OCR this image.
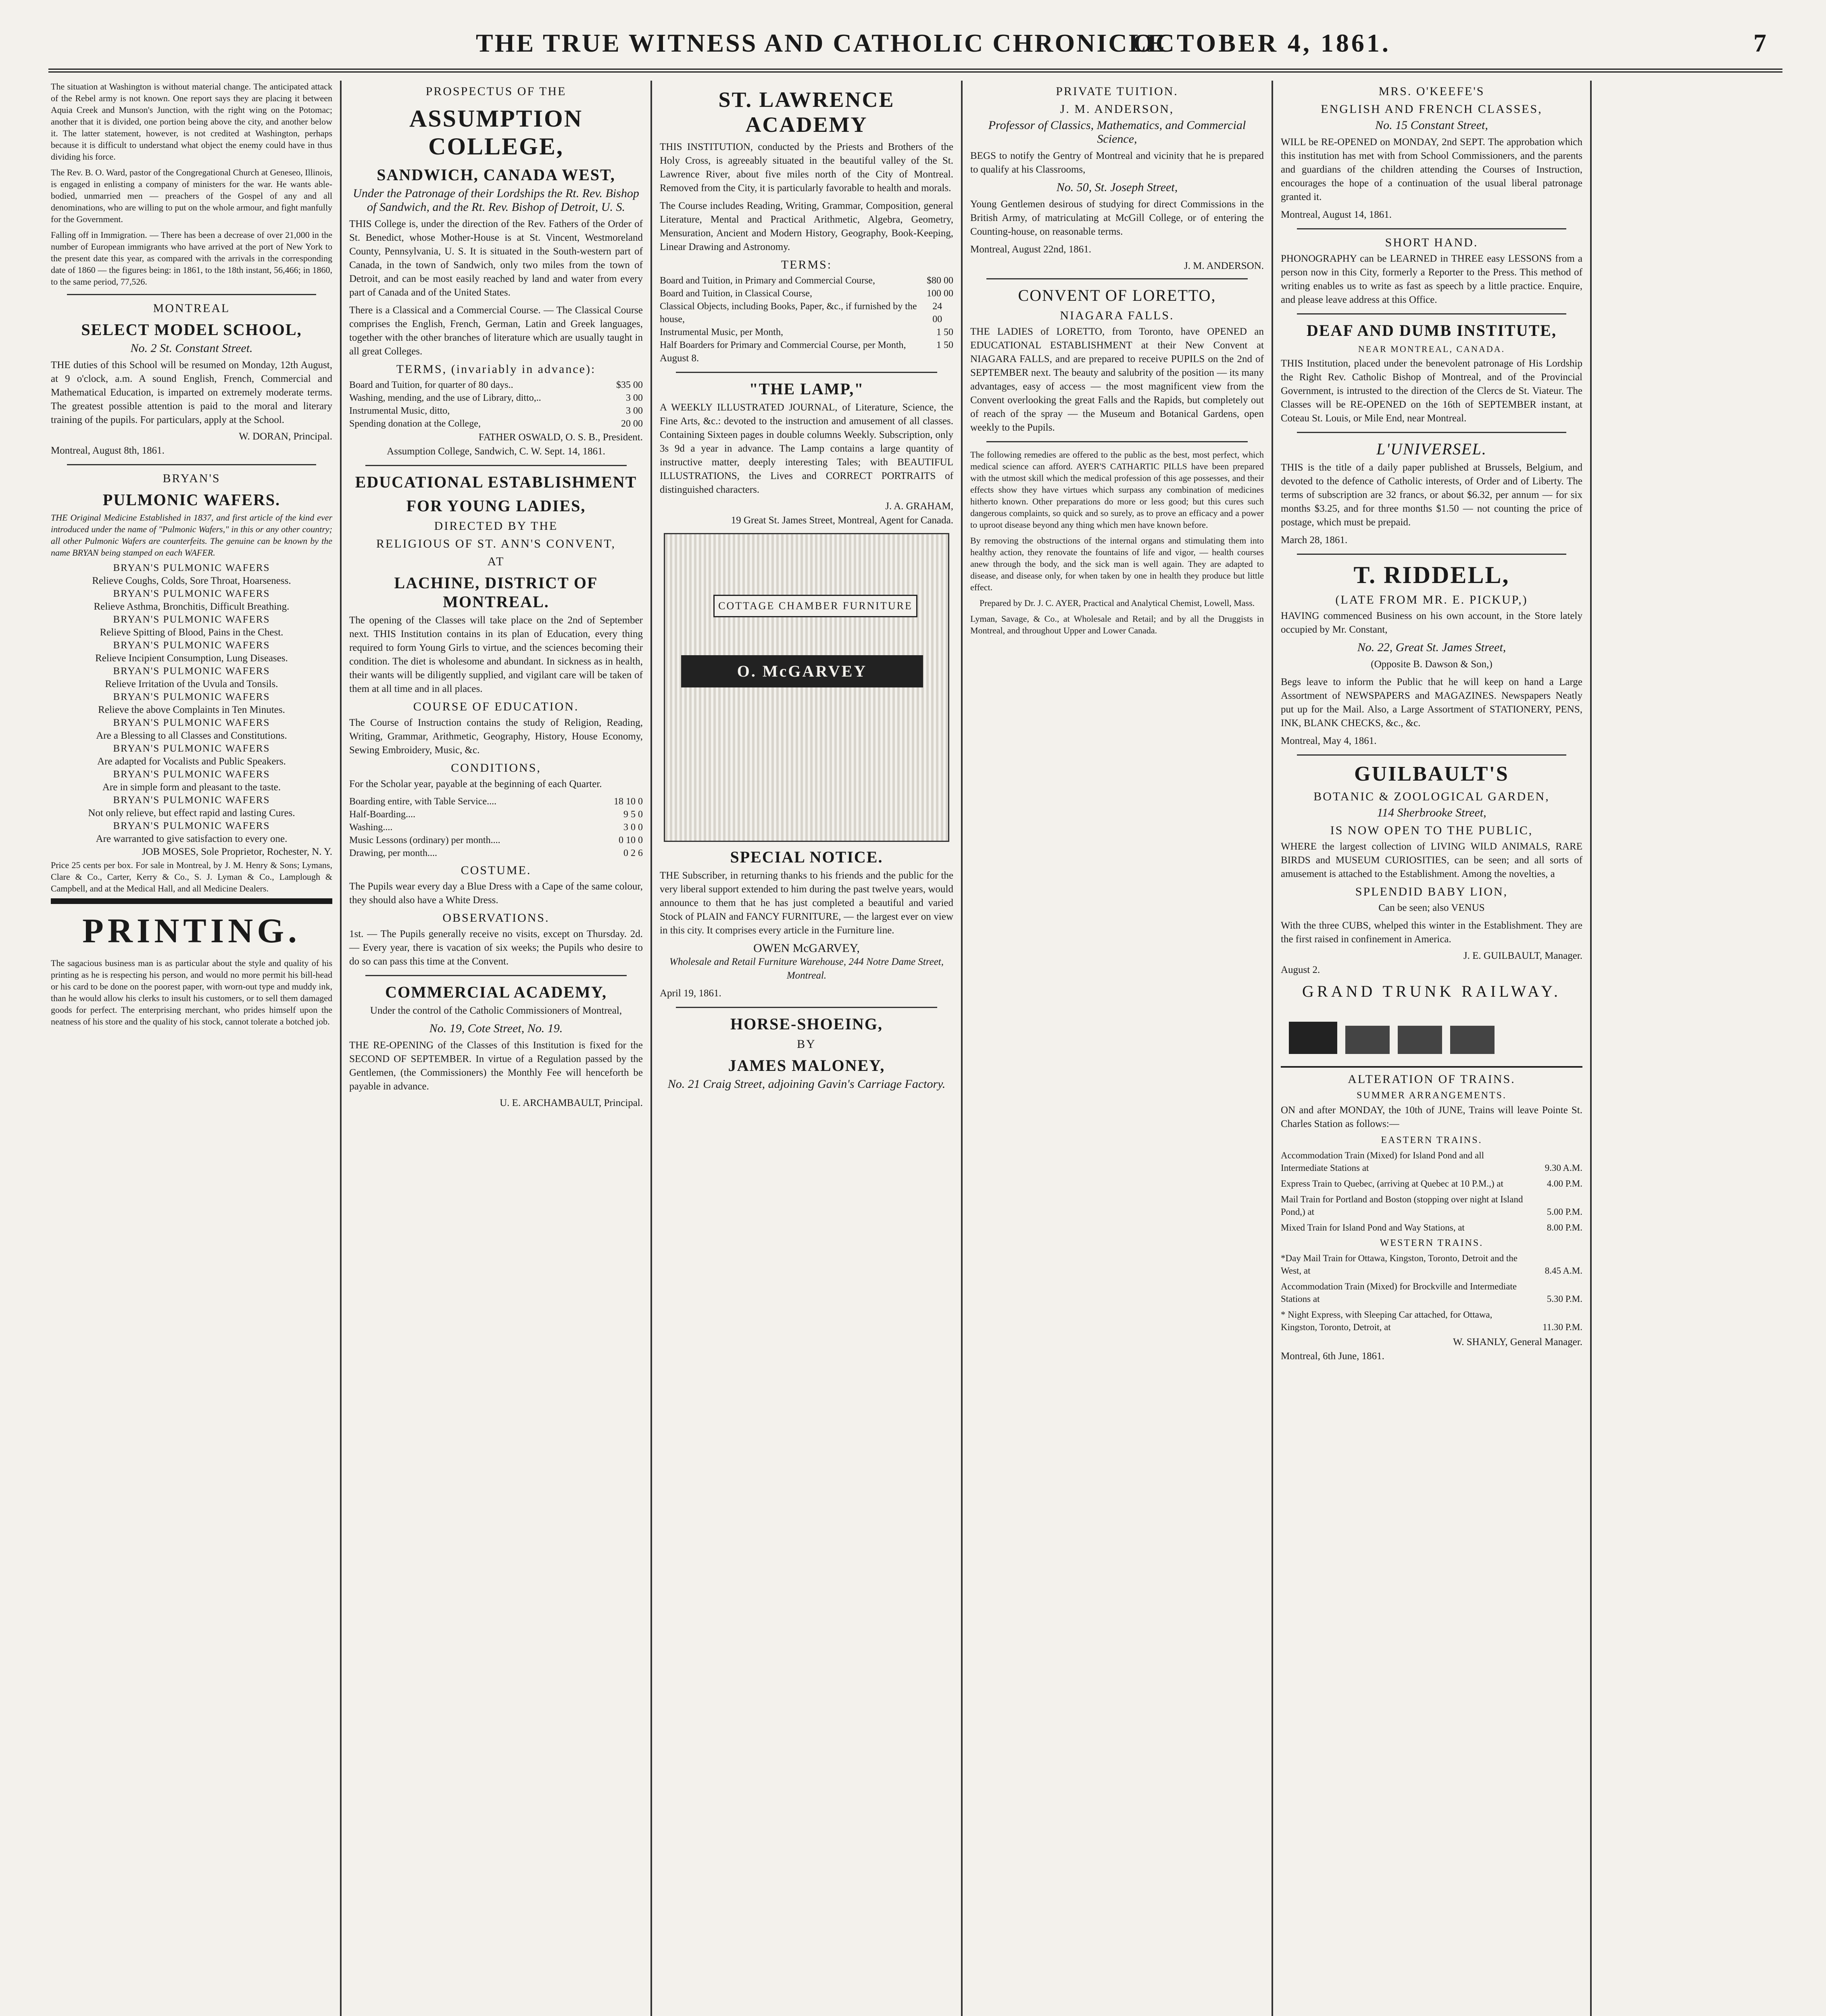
THE TRUE WITNESS AND CATHOLIC CHRONICLE
OCTOBER 4, 1861.	7

The situation at Washington is without material change. The anticipated attack of the Rebel army is not known. One report says they are placing it between Aquia Creek and Munson's Junction, with the right wing on the Potomac; another that it is divided, one portion being above the city, and another below it. The latter statement, however, is not credited at Washington, perhaps because it is difficult to understand what object the enemy could have in thus dividing his force.

The Rev. B. O. Ward, pastor of the Congregational Church at Geneseo, Illinois, is engaged in enlisting a company of ministers for the war. He wants able-bodied, unmarried men — preachers of the Gospel of any and all denominations, who are willing to put on the whole armour, and fight manfully for the Government.

Falling off in Immigration. — There has been a decrease of over 21,000 in the number of European immigrants who have arrived at the port of New York to the present date this year, as compared with the arrivals in the corresponding date of 1860 — the figures being: in 1861, to the 18th instant, 56,466; in 1860, to the same period, 77,526.

MONTREAL
SELECT MODEL SCHOOL,
No. 2 St. Constant Street.

THE duties of this School will be resumed on Monday, 12th August, at 9 o'clock, a.m. A sound English, French, Commercial and Mathematical Education, is imparted on extremely moderate terms. The greatest possible attention is paid to the moral and literary training of the pupils. For particulars, apply at the School.

W. DORAN, Principal.

Montreal, August 8th, 1861.

BRYAN'S
PULMONIC WAFERS.

THE Original Medicine Established in 1837, and first article of the kind ever introduced under the name of "Pulmonic Wafers," in this or any other country; all other Pulmonic Wafers are counterfeits. The genuine can be known by the name BRYAN being stamped on each WAFER.

BRYAN'S PULMONIC WAFERS
Relieve Coughs, Colds, Sore Throat, Hoarseness.
BRYAN'S PULMONIC WAFERS
Relieve Asthma, Bronchitis, Difficult Breathing.
BRYAN'S PULMONIC WAFERS
Relieve Spitting of Blood, Pains in the Chest.
BRYAN'S PULMONIC WAFERS
Relieve Incipient Consumption, Lung Diseases.
BRYAN'S PULMONIC WAFERS
Relieve Irritation of the Uvula and Tonsils.
BRYAN'S PULMONIC WAFERS
Relieve the above Complaints in Ten Minutes.
BRYAN'S PULMONIC WAFERS
Are a Blessing to all Classes and Constitutions.
BRYAN'S PULMONIC WAFERS
Are adapted for Vocalists and Public Speakers.
BRYAN'S PULMONIC WAFERS
Are in simple form and pleasant to the taste.
BRYAN'S PULMONIC WAFERS
Not only relieve, but effect rapid and lasting Cures.
BRYAN'S PULMONIC WAFERS
Are warranted to give satisfaction to every one.
JOB MOSES, Sole Proprietor, Rochester, N. Y.

Price 25 cents per box. For sale in Montreal, by J. M. Henry & Sons; Lymans, Clare & Co., Carter, Kerry & Co., S. J. Lyman & Co., Lamplough & Campbell, and at the Medical Hall, and all Medicine Dealers.

PRINTING.

The sagacious business man is as particular about the style and quality of his printing as he is respecting his person, and would no more permit his bill-head or his card to be done on the poorest paper, with worn-out type and muddy ink, than he would allow his clerks to insult his customers, or to sell them damaged goods for perfect. The enterprising merchant, who prides himself upon the neatness of his store and the quality of his stock, cannot tolerate a botched job.

PROSPECTUS OF THE
ASSUMPTION COLLEGE,
SANDWICH, CANADA WEST,
Under the Patronage of their Lordships the Rt. Rev. Bishop of Sandwich, and the Rt. Rev. Bishop of Detroit, U. S.

THIS College is, under the direction of the Rev. Fathers of the Order of St. Benedict, whose Mother-House is at St. Vincent, Westmoreland County, Pennsylvania, U. S. It is situated in the South-western part of Canada, in the town of Sandwich, only two miles from the town of Detroit, and can be most easily reached by land and water from every part of Canada and of the United States.

There is a Classical and a Commercial Course. — The Classical Course comprises the English, French, German, Latin and Greek languages, together with the other branches of literature which are usually taught in all great Colleges.

TERMS, (invariably in advance):
Board and Tuition, for quarter of 80 days..	$35 00
Washing, mending, and the use of Library, ditto,..	3 00
Instrumental Music, ditto,	3 00
Spending donation at the College,	20 00
FATHER OSWALD, O. S. B., President.

Assumption College, Sandwich, C. W. Sept. 14, 1861.

EDUCATIONAL ESTABLISHMENT
FOR YOUNG LADIES,
DIRECTED BY THE
RELIGIOUS OF ST. ANN'S CONVENT,
AT
LACHINE, DISTRICT OF MONTREAL.

The opening of the Classes will take place on the 2nd of September next. THIS Institution contains in its plan of Education, every thing required to form Young Girls to virtue, and the sciences becoming their condition. The diet is wholesome and abundant. In sickness as in health, their wants will be diligently supplied, and vigilant care will be taken of them at all time and in all places.

COURSE OF EDUCATION.

The Course of Instruction contains the study of Religion, Reading, Writing, Grammar, Arithmetic, Geography, History, House Economy, Sewing Embroidery, Music, &c.

CONDITIONS,

For the Scholar year, payable at the beginning of each Quarter.

Boarding entire, with Table Service....	18 10 0
Half-Boarding....	9 5 0
Washing....	3 0 0
Music Lessons (ordinary) per month....	0 10 0
Drawing, per month....	0 2 6
COSTUME.

The Pupils wear every day a Blue Dress with a Cape of the same colour, they should also have a White Dress.

OBSERVATIONS.

1st. — The Pupils generally receive no visits, except on Thursday. 2d. — Every year, there is vacation of six weeks; the Pupils who desire to do so can pass this time at the Convent.

COMMERCIAL ACADEMY,

Under the control of the Catholic Commissioners of Montreal,

No. 19, Cote Street, No. 19.

THE RE-OPENING of the Classes of this Institution is fixed for the SECOND OF SEPTEMBER. In virtue of a Regulation passed by the Gentlemen, (the Commissioners) the Monthly Fee will henceforth be payable in advance.

U. E. ARCHAMBAULT, Principal.
ST. LAWRENCE ACADEMY

THIS INSTITUTION, conducted by the Priests and Brothers of the Holy Cross, is agreeably situated in the beautiful valley of the St. Lawrence River, about five miles north of the City of Montreal. Removed from the City, it is particularly favorable to health and morals.

The Course includes Reading, Writing, Grammar, Composition, general Literature, Mental and Practical Arithmetic, Algebra, Geometry, Mensuration, Ancient and Modern History, Geography, Book-Keeping, Linear Drawing and Astronomy.

TERMS:
Board and Tuition, in Primary and Commercial Course,	$80 00
Board and Tuition, in Classical Course,	100 00
Classical Objects, including Books, Paper, &c., if furnished by the house,
24 00
Instrumental Music, per Month,	1 50
Half Boarders for Primary and Commercial Course, per Month,	1 50

August 8.

"THE LAMP,"

A WEEKLY ILLUSTRATED JOURNAL, of Literature, Science, the Fine Arts, &c.: devoted to the instruction and amusement of all classes. Containing Sixteen pages in double columns Weekly. Subscription, only 3s 9d a year in advance. The Lamp contains a large quantity of instructive matter, deeply interesting Tales; with BEAUTIFUL ILLUSTRATIONS, the Lives and CORRECT PORTRAITS of distinguished characters.

J. A. GRAHAM,

19 Great St. James Street, Montreal, Agent for Canada.

COTTAGE CHAMBER FURNITURE
O. McGARVEY
SPECIAL NOTICE.

THE Subscriber, in returning thanks to his friends and the public for the very liberal support extended to him during the past twelve years, would announce to them that he has just completed a beautiful and varied Stock of PLAIN and FANCY FURNITURE, — the largest ever on view in this city. It comprises every article in the Furniture line.

OWEN McGARVEY,

Wholesale and Retail Furniture Warehouse, 244 Notre Dame Street, Montreal.

April 19, 1861.

HORSE-SHOEING,
BY
JAMES MALONEY,
No. 21 Craig Street, adjoining Gavin's Carriage Factory.
PRIVATE TUITION.
J. M. ANDERSON,
Professor of Classics, Mathematics, and Commercial Science,

BEGS to notify the Gentry of Montreal and vicinity that he is prepared to qualify at his Classrooms,

No. 50, St. Joseph Street,

Young Gentlemen desirous of studying for direct Commissions in the British Army, of matriculating at McGill College, or of entering the Counting-house, on reasonable terms.

Montreal, August 22nd, 1861.

J. M. ANDERSON.
CONVENT OF LORETTO,
NIAGARA FALLS.

THE LADIES of LORETTO, from Toronto, have OPENED an EDUCATIONAL ESTABLISHMENT at their New Convent at NIAGARA FALLS, and are prepared to receive PUPILS on the 2nd of SEPTEMBER next. The beauty and salubrity of the position — its many advantages, easy of access — the most magnificent view from the Convent overlooking the great Falls and the Rapids, but completely out of reach of the spray — the Museum and Botanical Gardens, open weekly to the Pupils.

The following remedies are offered to the public as the best, most perfect, which medical science can afford. AYER'S CATHARTIC PILLS have been prepared with the utmost skill which the medical profession of this age possesses, and their effects show they have virtues which surpass any combination of medicines hitherto known. Other preparations do more or less good; but this cures such dangerous complaints, so quick and so surely, as to prove an efficacy and a power to uproot disease beyond any thing which men have known before.

By removing the obstructions of the internal organs and stimulating them into healthy action, they renovate the fountains of life and vigor, — health courses anew through the body, and the sick man is well again. They are adapted to disease, and disease only, for when taken by one in health they produce but little effect.

Prepared by Dr. J. C. AYER, Practical and Analytical Chemist, Lowell, Mass.

Lyman, Savage, & Co., at Wholesale and Retail; and by all the Druggists in Montreal, and throughout Upper and Lower Canada.

MRS. O'KEEFE'S
ENGLISH AND FRENCH CLASSES,
No. 15 Constant Street,

WILL be RE-OPENED on MONDAY, 2nd SEPT. The approbation which this institution has met with from School Commissioners, and the parents and guardians of the children attending the Courses of Instruction, encourages the hope of a continuation of the usual liberal patronage granted it.

Montreal, August 14, 1861.

SHORT HAND.

PHONOGRAPHY can be LEARNED in THREE easy LESSONS from a person now in this City, formerly a Reporter to the Press. This method of writing enables us to write as fast as speech by a little practice. Enquire, and please leave address at this Office.

DEAF AND DUMB INSTITUTE,
NEAR MONTREAL, CANADA.

THIS Institution, placed under the benevolent patronage of His Lordship the Right Rev. Catholic Bishop of Montreal, and of the Provincial Government, is intrusted to the direction of the Clercs de St. Viateur. The Classes will be RE-OPENED on the 16th of SEPTEMBER instant, at Coteau St. Louis, or Mile End, near Montreal.

L'UNIVERSEL.

THIS is the title of a daily paper published at Brussels, Belgium, and devoted to the defence of Catholic interests, of Order and of Liberty. The terms of subscription are 32 francs, or about $6.32, per annum — for six months $3.25, and for three months $1.50 — not counting the price of postage, which must be prepaid.

March 28, 1861.

T. RIDDELL,
(LATE FROM MR. E. PICKUP,)

HAVING commenced Business on his own account, in the Store lately occupied by Mr. Constant,

No. 22, Great St. James Street,

(Opposite B. Dawson & Son,)

Begs leave to inform the Public that he will keep on hand a Large Assortment of NEWSPAPERS and MAGAZINES. Newspapers Neatly put up for the Mail. Also, a Large Assortment of STATIONERY, PENS, INK, BLANK CHECKS, &c., &c.

Montreal, May 4, 1861.

GUILBAULT'S
BOTANIC & ZOOLOGICAL GARDEN,
114 Sherbrooke Street,
IS NOW OPEN TO THE PUBLIC,

WHERE the largest collection of LIVING WILD ANIMALS, RARE BIRDS and MUSEUM CURIOSITIES, can be seen; and all sorts of amusement is attached to the Establishment. Among the novelties, a

SPLENDID BABY LION,

Can be seen; also VENUS

With the three CUBS, whelped this winter in the Establishment. They are the first raised in confinement in America.

J. E. GUILBAULT, Manager.

August 2.

GRAND TRUNK RAILWAY.
ALTERATION OF TRAINS.
SUMMER ARRANGEMENTS.

ON and after MONDAY, the 10th of JUNE, Trains will leave Pointe St. Charles Station as follows:—

EASTERN TRAINS.
Accommodation Train (Mixed) for Island Pond and all Intermediate Stations at	9.30 A.M.
Express Train to Quebec, (arriving at Quebec at 10 P.M.,) at	4.00 P.M.
Mail Train for Portland and Boston (stopping over night at Island Pond,) at	5.00 P.M.
Mixed Train for Island Pond and Way Stations, at	8.00 P.M.
WESTERN TRAINS.
*Day Mail Train for Ottawa, Kingston, Toronto, Detroit and the West, at	8.45 A.M.
Accommodation Train (Mixed) for Brockville and Intermediate Stations at	5.30 P.M.
* Night Express, with Sleeping Car attached, for Ottawa, Kingston, Toronto, Detroit, at	11.30 P.M.
W. SHANLY, General Manager.

Montreal, 6th June, 1861.
